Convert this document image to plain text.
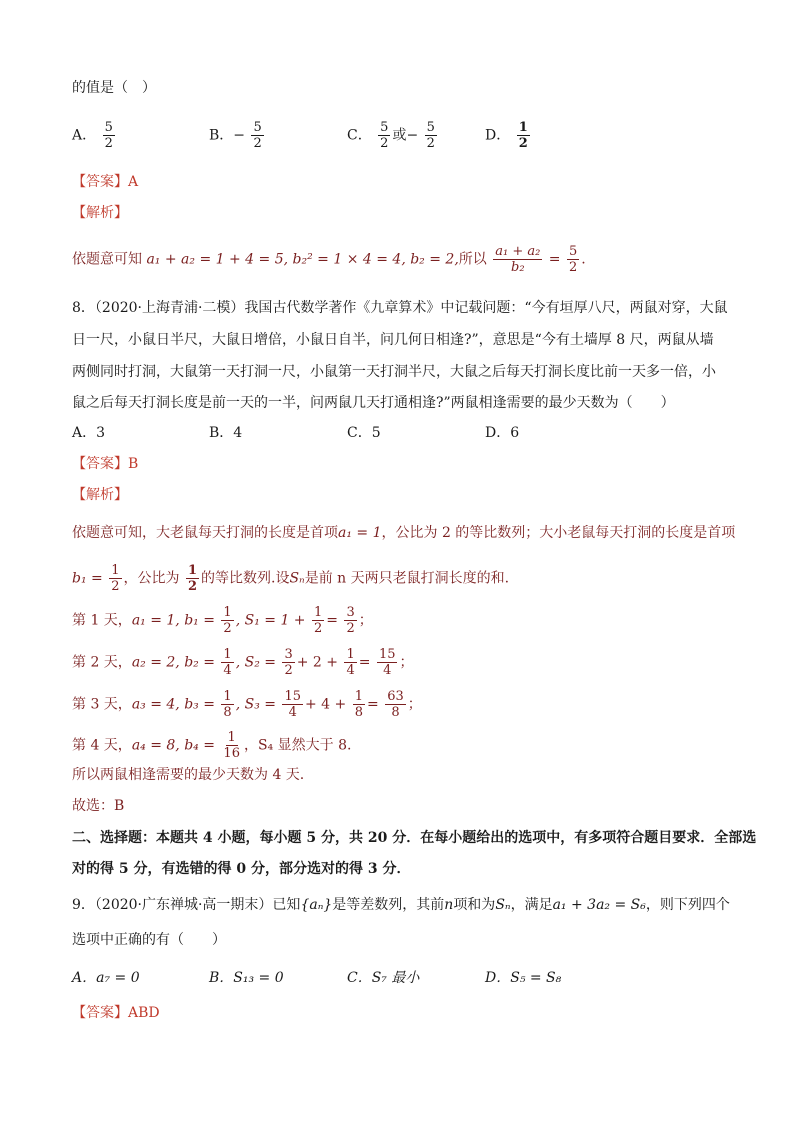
的值是（　）
A． $\frac{5}{2}$	B．− $\frac{5}{2}$	C． $\frac{5}{2}$ 或− $\frac{5}{2}$	D． $\frac{1}{2}$
【答案】A
【解析】
依题意可知 a₁ + a₂ = 1 + 4 = 5, b₂² = 1 × 4 = 4, b₂ = 2,所以 $\frac{\text{a₁ + a₂}}{\text{b₂}} = \frac{5}{2}$ .
8．（2020·上海青浦·二模）我国古代数学著作《九章算术》中记载问题：“今有垣厚八尺，两鼠对穿，大鼠
日一尺，小鼠日半尺，大鼠日增倍，小鼠日自半，问几何日相逢?”，意思是“今有土墙厚 8 尺，两鼠从墙
两侧同时打洞，大鼠第一天打洞一尺，小鼠第一天打洞半尺，大鼠之后每天打洞长度比前一天多一倍，小
鼠之后每天打洞长度是前一天的一半，问两鼠几天打通相逢?”两鼠相逢需要的最少天数为（　　）
A．3	B．4	C．5	D．6
【答案】B
【解析】
依题意可知，大老鼠每天打洞的长度是首项a₁ = 1，公比为 2 的等比数列；大小老鼠每天打洞的长度是首项
$b_1 = \frac{1}{2}$ ，公比为 $\frac{1}{2}$ 的等比数列.设Sₙ是前 n 天两只老鼠打洞长度的和.
第 1 天，a₁ = 1, $b_1 = \frac{1}{2}$ , $S_1 = 1 + \frac{1}{2} = \frac{3}{2}$ ；
第 2 天，a₂ = 2, $b_2 = \frac{1}{4}$ , $S_2 = \frac{3}{2} + 2 + \frac{1}{4} = \frac{15}{4}$ ；
第 3 天，a₃ = 4, $b_3 = \frac{1}{8}$ , $S_3 = \frac{15}{4} + 4 + \frac{1}{8} = \frac{63}{8}$ ；
第 4 天，a₄ = 8, $b_4 = \frac{1}{16}$ ，S₄ 显然大于 8.
所以两鼠相逢需要的最少天数为 4 天.
故选：B
二、选择题：本题共 4 小题，每小题 5 分，共 20 分．在每小题给出的选项中，有多项符合题目要求．全部选
对的得 5 分，有选错的得 0 分，部分选对的得 3 分．
9．（2020·广东禅城·高一期末）已知{aₙ}是等差数列，其前n项和为Sₙ，满足a₁ + 3a₂ = S₆，则下列四个
选项中正确的有（　　）
A．a₇ = 0	B．S₁₃ = 0	C．S₇ 最小	D．S₅ = S₈
【答案】ABD
